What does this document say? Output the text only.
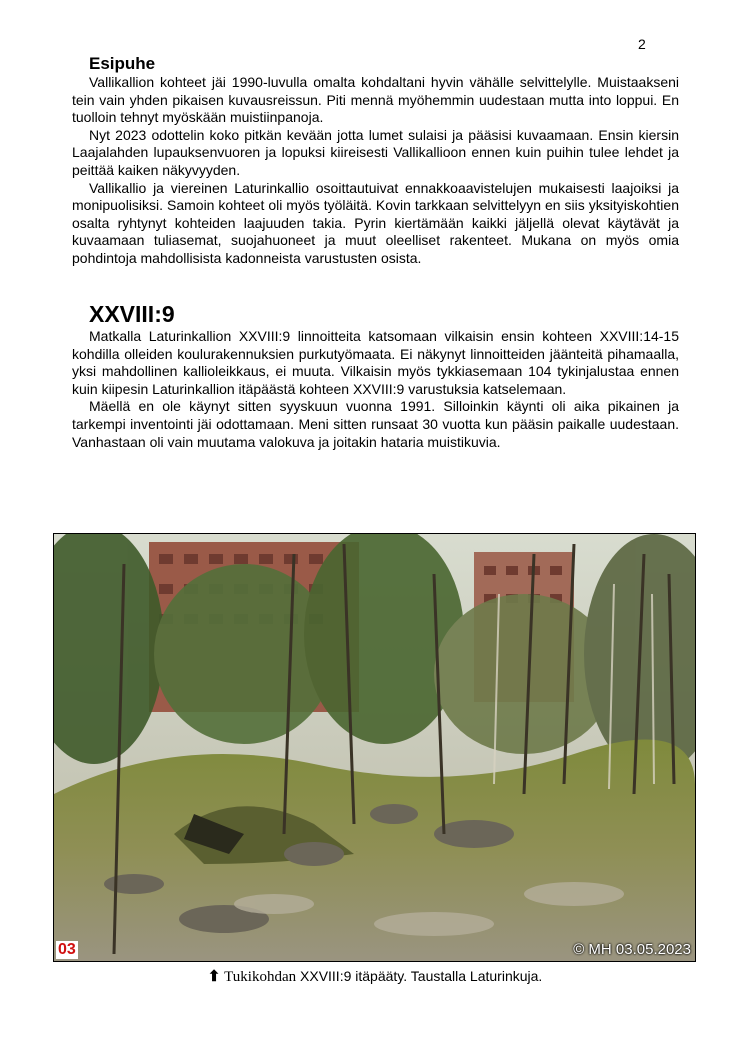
2
Esipuhe

Vallikallion kohteet jäi 1990-luvulla omalta kohdaltani hyvin vähälle selvittelylle. Muistaakseni tein vain yhden pikaisen kuvausreissun. Piti mennä myöhemmin uudestaan mutta into loppui. En tuolloin tehnyt myöskään muistiinpanoja.

Nyt 2023 odottelin koko pitkän kevään jotta lumet sulaisi ja pääsisi kuvaamaan. Ensin kiersin Laajalahden lupauksenvuoren ja lopuksi kiireisesti Vallikallioon ennen kuin puihin tulee lehdet ja peittää kaiken näkyvyyden.

Vallikallio ja viereinen Laturinkallio osoittautuivat ennakkoaavistelujen mukaisesti laajoiksi ja monipuolisiksi. Samoin kohteet oli myös työläitä. Kovin tarkkaan selvittelyyn en siis yksityiskohtien osalta ryhtynyt kohteiden laajuuden takia. Pyrin kiertämään kaikki jäljellä olevat käytävät ja kuvaamaan tuliasemat, suojahuoneet ja muut oleelliset rakenteet. Mukana on myös omia pohdintoja mahdollisista kadonneista varustusten osista.

XXVIII:9

Matkalla Laturinkallion XXVIII:9 linnoitteita katsomaan vilkaisin ensin kohteen XXVIII:14-15 kohdilla olleiden koulurakennuksien purkutyömaata. Ei näkynyt linnoitteiden jäänteitä pihamaalla, yksi mahdollinen kallioleikkaus, ei muuta. Vilkaisin myös tykkiasemaan 104 tykinjalustaa ennen kuin kiipesin Laturinkallion itäpäästä kohteen XXVIII:9 varustuksia katselemaan.

Mäellä en ole käynyt sitten syyskuun vuonna 1991. Silloinkin käynti oli aika pikainen ja tarkempi inventointi jäi odottamaan. Meni sitten runsaat 30 vuotta kun pääsin paikalle uudestaan. Vanhastaan oli vain muutama valokuva ja joitakin hataria muistikuvia.

03	© MH 03.05.2023
⬆ Tukikohdan XXVIII:9 itäpääty. Taustalla Laturinkuja.
